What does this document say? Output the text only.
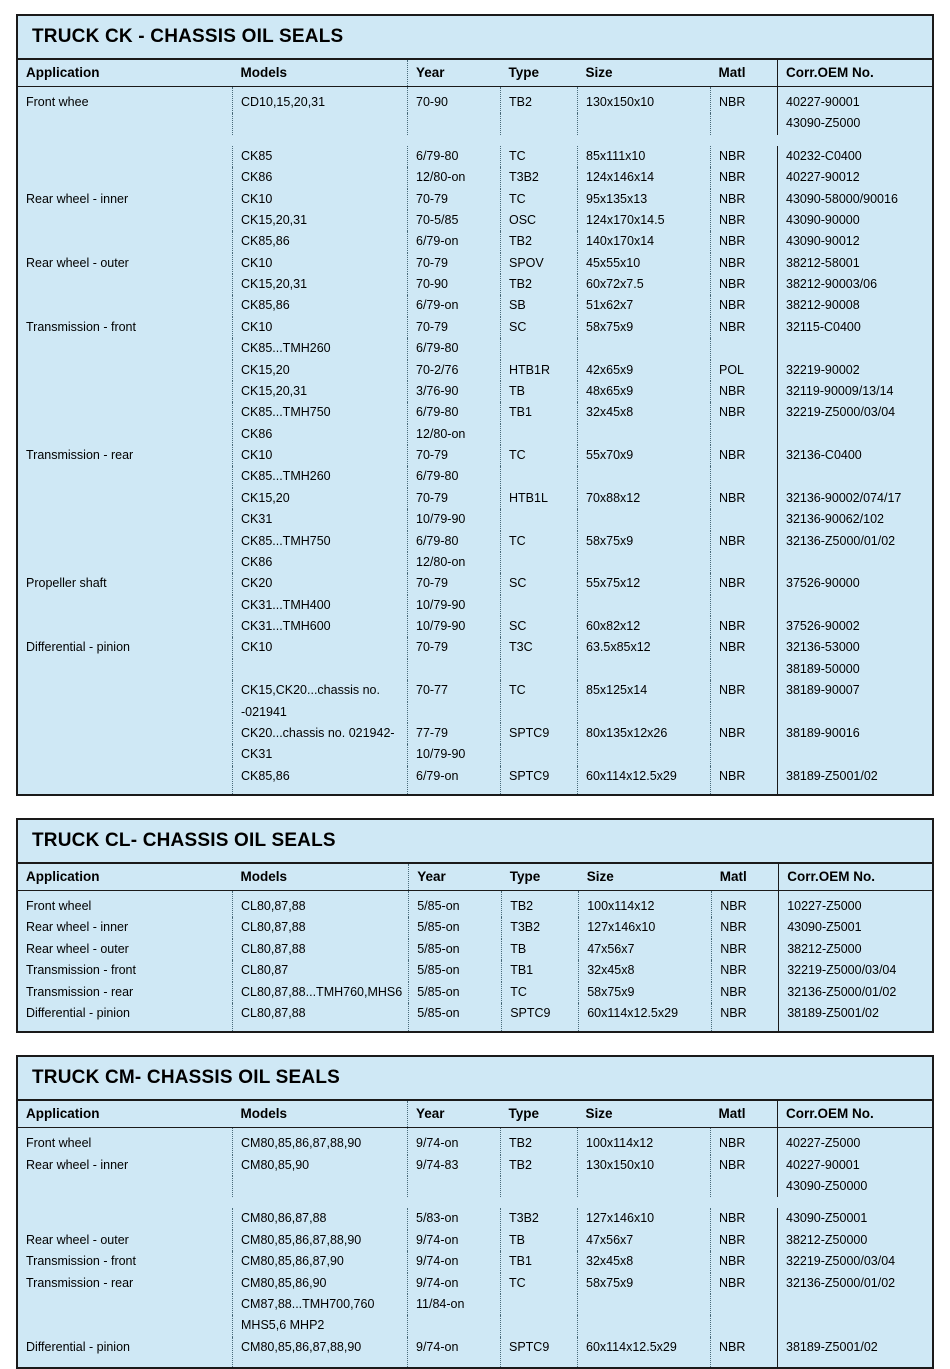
TRUCK CK - CHASSIS OIL SEALS
Application	Models	Year	Type	Size	Matl	Corr.OEM No.
Front whee	CD10,15,20,31	70-90	TB2	130x150x10	NBR	40227-90001
						43090-Z5000

	CK85	6/79-80	TC	85x111x10	NBR	40232-C0400
	CK86	12/80-on	T3B2	124x146x14	NBR	40227-90012
Rear wheel - inner	CK10	70-79	TC	95x135x13	NBR	43090-58000/90016
	CK15,20,31	70-5/85	OSC	124x170x14.5	NBR	43090-90000
	CK85,86	6/79-on	TB2	140x170x14	NBR	43090-90012
Rear wheel - outer	CK10	70-79	SPOV	45x55x10	NBR	38212-58001
	CK15,20,31	70-90	TB2	60x72x7.5	NBR	38212-90003/06
	CK85,86	6/79-on	SB	51x62x7	NBR	38212-90008
Transmission - front	CK10	70-79	SC	58x75x9	NBR	32115-C0400
	CK85...TMH260	6/79-80				
	CK15,20	70-2/76	HTB1R	42x65x9	POL	32219-90002
	CK15,20,31	3/76-90	TB	48x65x9	NBR	32119-90009/13/14
	CK85...TMH750	6/79-80	TB1	32x45x8	NBR	32219-Z5000/03/04
	CK86	12/80-on				
Transmission - rear	CK10	70-79	TC	55x70x9	NBR	32136-C0400
	CK85...TMH260	6/79-80				
	CK15,20	70-79	HTB1L	70x88x12	NBR	32136-90002/074/17
	CK31	10/79-90				32136-90062/102
	CK85...TMH750	6/79-80	TC	58x75x9	NBR	32136-Z5000/01/02
	CK86	12/80-on				
Propeller shaft	CK20	70-79	SC	55x75x12	NBR	37526-90000
	CK31...TMH400	10/79-90				
	CK31...TMH600	10/79-90	SC	60x82x12	NBR	37526-90002
Differential - pinion	CK10	70-79	T3C	63.5x85x12	NBR	32136-53000
						38189-50000
	CK15,CK20...chassis no.	70-77	TC	85x125x14	NBR	38189-90007
	-021941					
	CK20...chassis no. 021942-	77-79	SPTC9	80x135x12x26	NBR	38189-90016
	CK31	10/79-90				
	CK85,86	6/79-on	SPTC9	60x114x12.5x29	NBR	38189-Z5001/02
TRUCK CL- CHASSIS OIL SEALS
Application	Models	Year	Type	Size	Matl	Corr.OEM No.
Front wheel	CL80,87,88	5/85-on	TB2	100x114x12	NBR	10227-Z5000
Rear wheel - inner	CL80,87,88	5/85-on	T3B2	127x146x10	NBR	43090-Z5001
Rear wheel - outer	CL80,87,88	5/85-on	TB	47x56x7	NBR	38212-Z5000
Transmission - front	CL80,87	5/85-on	TB1	32x45x8	NBR	32219-Z5000/03/04
Transmission - rear	CL80,87,88...TMH760,MHS6	5/85-on	TC	58x75x9	NBR	32136-Z5000/01/02
Differential - pinion	CL80,87,88	5/85-on	SPTC9	60x114x12.5x29	NBR	38189-Z5001/02
TRUCK CM- CHASSIS OIL SEALS
Application	Models	Year	Type	Size	Matl	Corr.OEM No.
Front wheel	CM80,85,86,87,88,90	9/74-on	TB2	100x114x12	NBR	40227-Z5000
Rear wheel - inner	CM80,85,90	9/74-83	TB2	130x150x10	NBR	40227-90001
						43090-Z50000

	CM80,86,87,88	5/83-on	T3B2	127x146x10	NBR	43090-Z50001
Rear wheel - outer	CM80,85,86,87,88,90	9/74-on	TB	47x56x7	NBR	38212-Z50000
Transmission - front	CM80,85,86,87,90	9/74-on	TB1	32x45x8	NBR	32219-Z5000/03/04
Transmission - rear	CM80,85,86,90	9/74-on	TC	58x75x9	NBR	32136-Z5000/01/02
	CM87,88...TMH700,760	11/84-on				
	MHS5,6 MHP2					
Differential - pinion	CM80,85,86,87,88,90	9/74-on	SPTC9	60x114x12.5x29	NBR	38189-Z5001/02
